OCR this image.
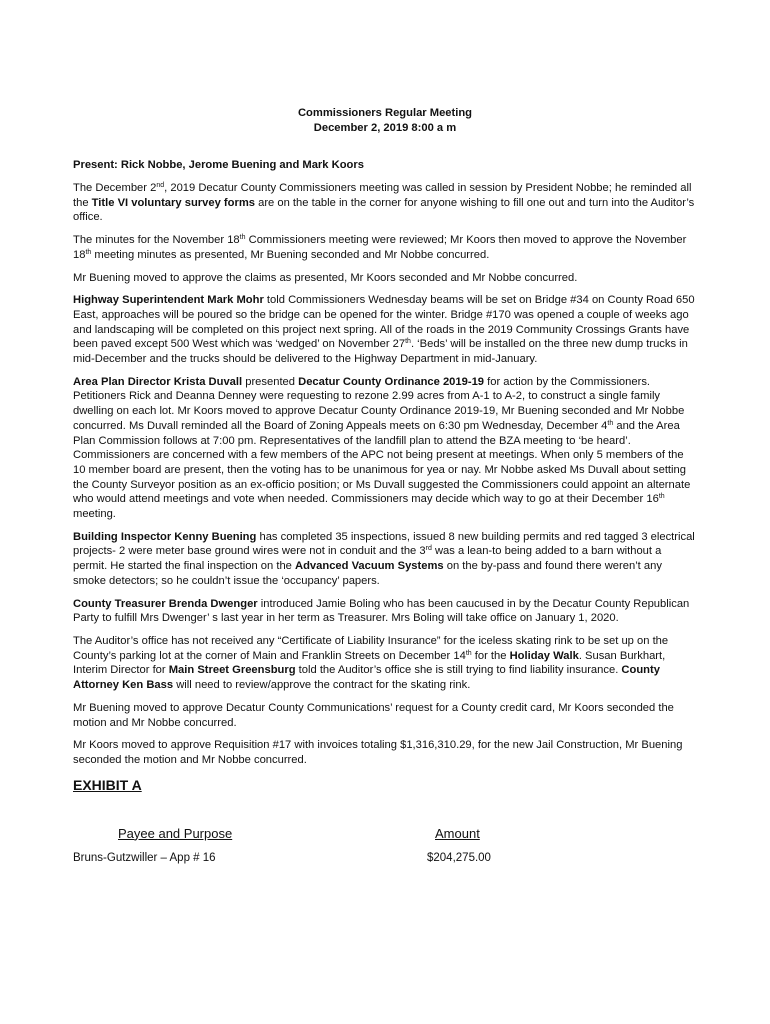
Commissioners Regular Meeting
December 2, 2019 8:00 a m
Present: Rick Nobbe, Jerome Buening and Mark Koors

The December 2nd, 2019 Decatur County Commissioners meeting was called in session by President Nobbe; he reminded all the Title VI voluntary survey forms are on the table in the corner for anyone wishing to fill one out and turn into the Auditor’s office.

The minutes for the November 18th Commissioners meeting were reviewed; Mr Koors then moved to approve the November 18th meeting minutes as presented, Mr Buening seconded and Mr Nobbe concurred.

Mr Buening moved to approve the claims as presented, Mr Koors seconded and Mr Nobbe concurred.

Highway Superintendent Mark Mohr told Commissioners Wednesday beams will be set on Bridge #34 on County Road 650 East, approaches will be poured so the bridge can be opened for the winter. Bridge #170 was opened a couple of weeks ago and landscaping will be completed on this project next spring. All of the roads in the 2019 Community Crossings Grants have been paved except 500 West which was ‘wedged’ on November 27th. ‘Beds’ will be installed on the three new dump trucks in mid-December and the trucks should be delivered to the Highway Department in mid-January.

Area Plan Director Krista Duvall presented Decatur County Ordinance 2019-19 for action by the Commissioners. Petitioners Rick and Deanna Denney were requesting to rezone 2.99 acres from A-1 to A-2, to construct a single family dwelling on each lot. Mr Koors moved to approve Decatur County Ordinance 2019-19, Mr Buening seconded and Mr Nobbe concurred. Ms Duvall reminded all the Board of Zoning Appeals meets on 6:30 pm Wednesday, December 4th and the Area Plan Commission follows at 7:00 pm. Representatives of the landfill plan to attend the BZA meeting to ‘be heard’. Commissioners are concerned with a few members of the APC not being present at meetings. When only 5 members of the 10 member board are present, then the voting has to be unanimous for yea or nay. Mr Nobbe asked Ms Duvall about setting the County Surveyor position as an ex-officio position; or Ms Duvall suggested the Commissioners could appoint an alternate who would attend meetings and vote when needed. Commissioners may decide which way to go at their December 16th meeting.

Building Inspector Kenny Buening has completed 35 inspections, issued 8 new building permits and red tagged 3 electrical projects- 2 were meter base ground wires were not in conduit and the 3rd was a lean-to being added to a barn without a permit. He started the final inspection on the Advanced Vacuum Systems on the by-pass and found there weren’t any smoke detectors; so he couldn’t issue the ‘occupancy’ papers.

County Treasurer Brenda Dwenger introduced Jamie Boling who has been caucused in by the Decatur County Republican Party to fulfill Mrs Dwenger’ s last year in her term as Treasurer. Mrs Boling will take office on January 1, 2020.

The Auditor’s office has not received any “Certificate of Liability Insurance” for the iceless skating rink to be set up on the County’s parking lot at the corner of Main and Franklin Streets on December 14th for the Holiday Walk. Susan Burkhart, Interim Director for Main Street Greensburg told the Auditor’s office she is still trying to find liability insurance. County Attorney Ken Bass will need to review/approve the contract for the skating rink.

Mr Buening moved to approve Decatur County Communications’ request for a County credit card, Mr Koors seconded the motion and Mr Nobbe concurred.

Mr Koors moved to approve Requisition #17 with invoices totaling $1,316,310.29, for the new Jail Construction, Mr Buening seconded the motion and Mr Nobbe concurred.

EXHIBIT A
Payee and Purpose	Amount
Bruns-Gutzwiller – App # 16	$204,275.00
